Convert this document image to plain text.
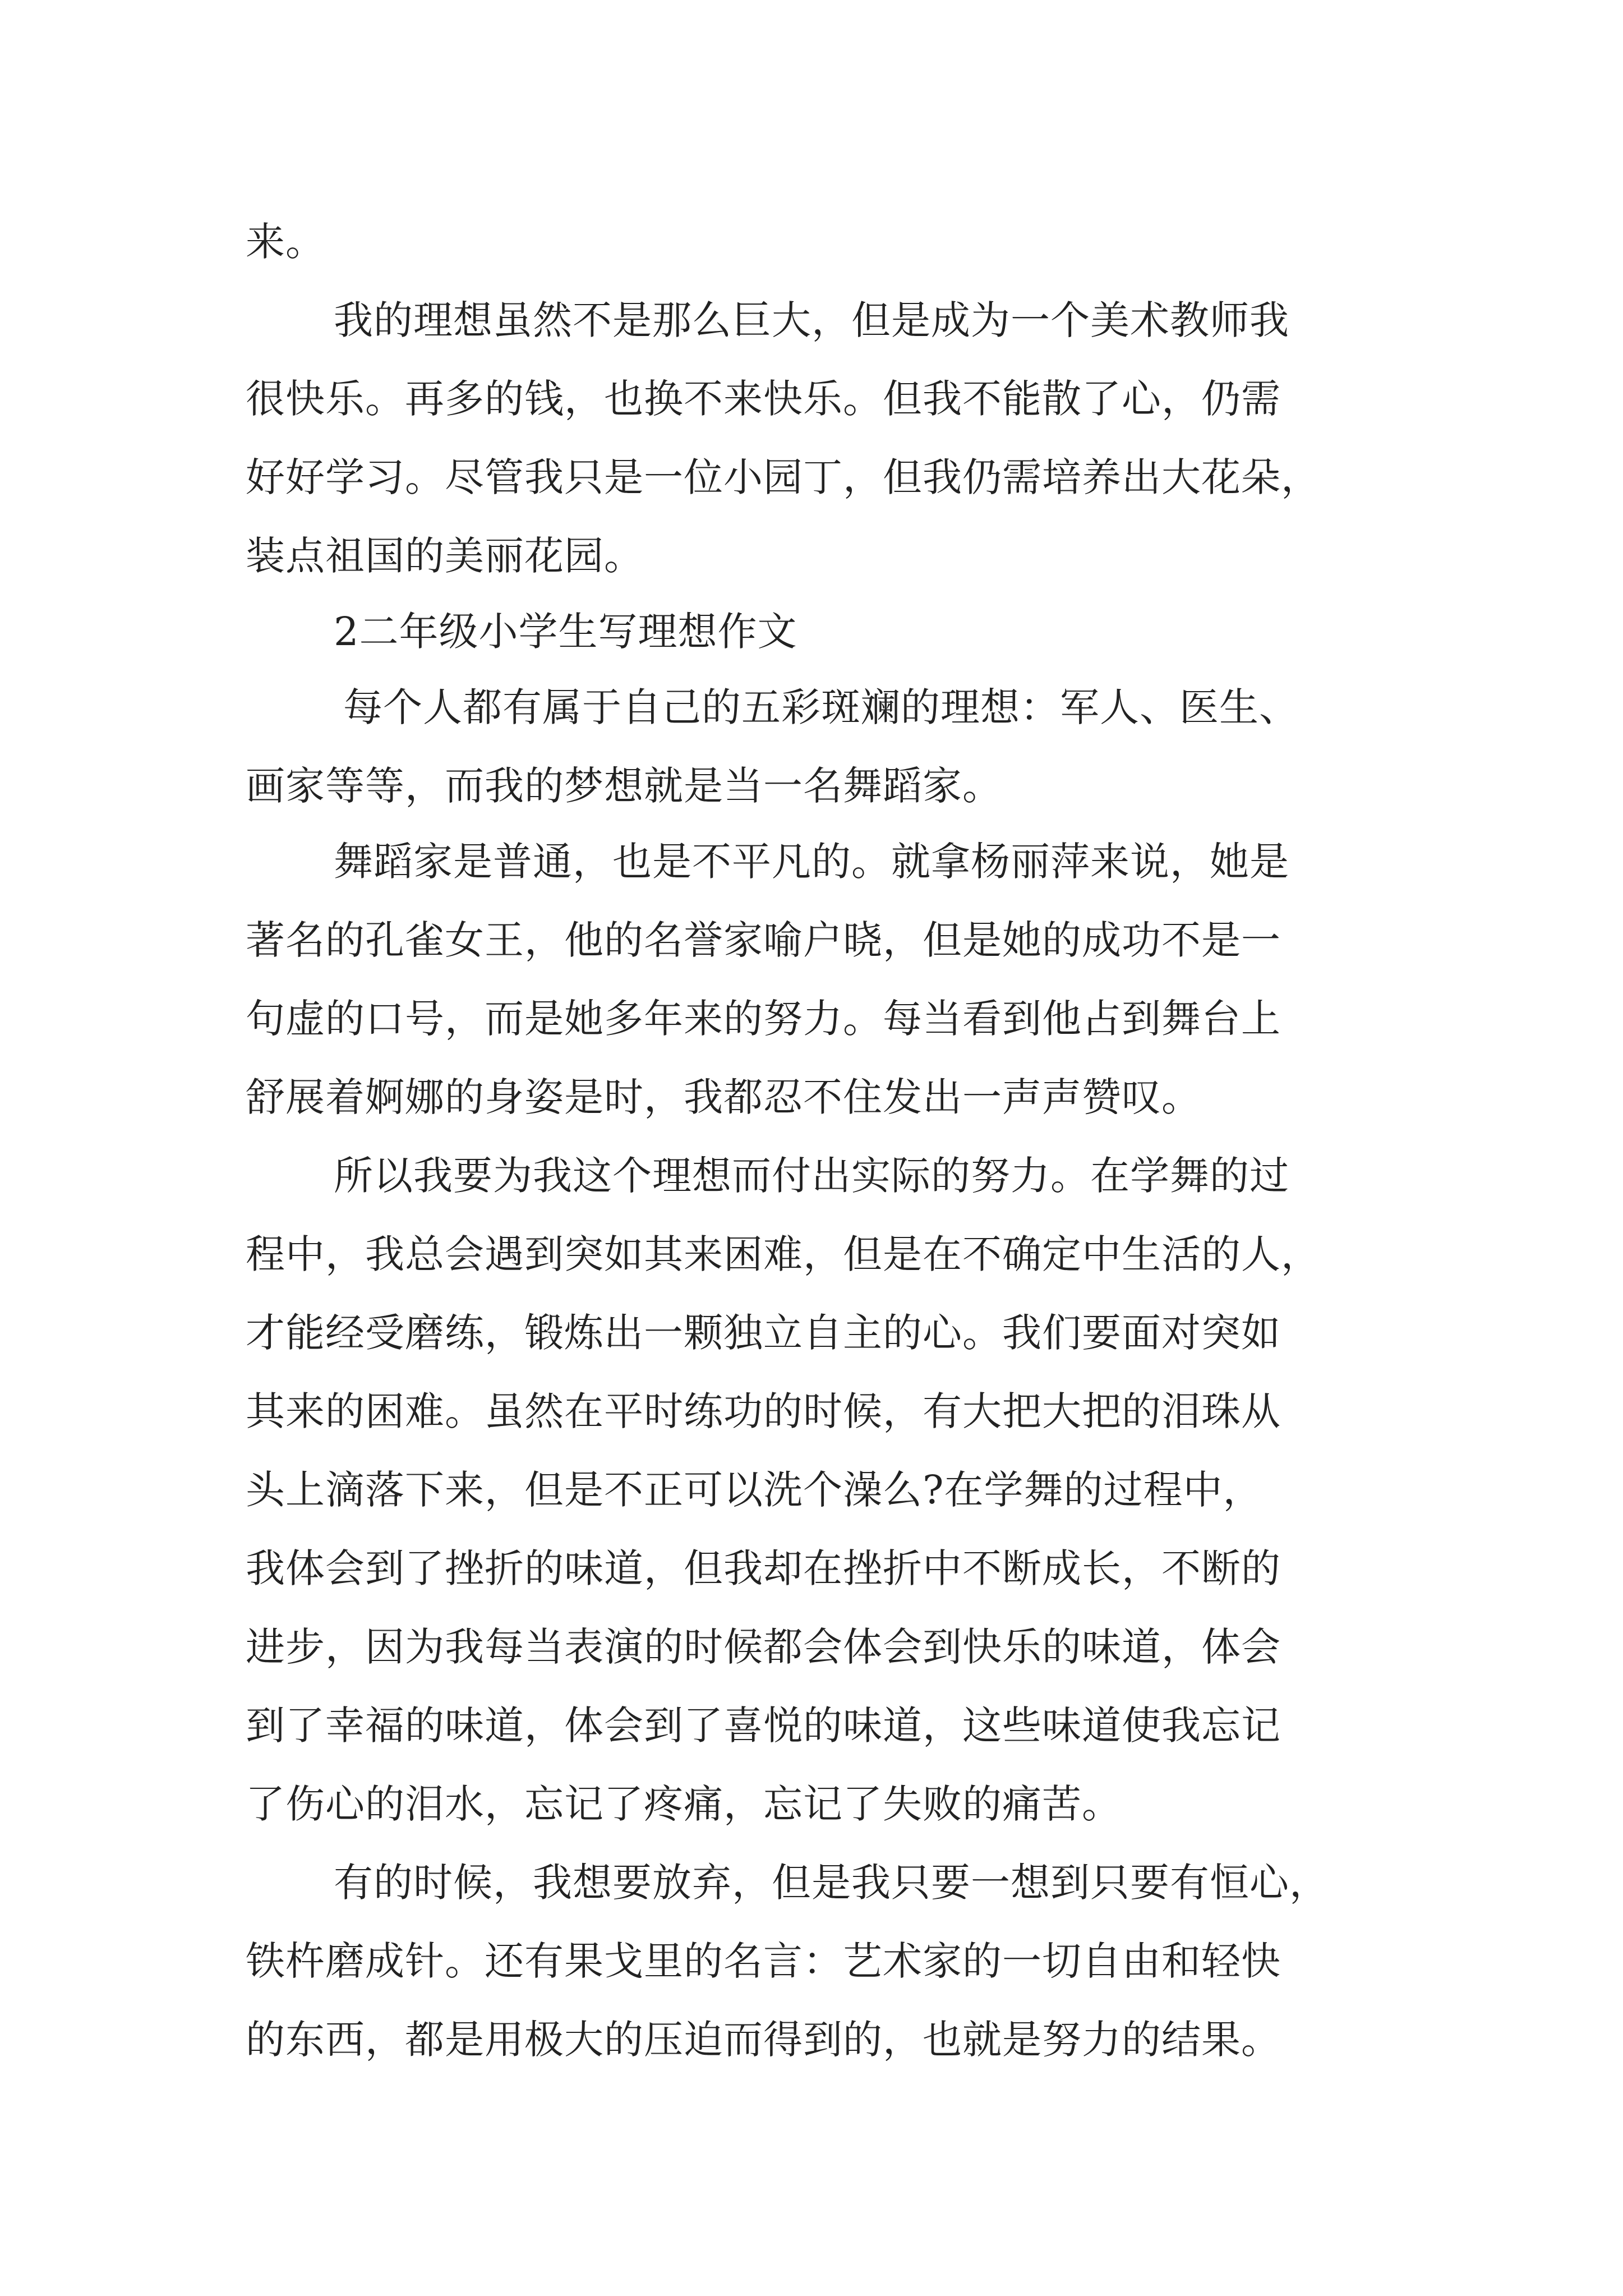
来。
我的理想虽然不是那么巨大，但是成为一个美术教师我
很快乐。再多的钱，也换不来快乐。但我不能散了心，仍需
好好学习。尽管我只是一位小园丁，但我仍需培养出大花朵，
装点祖国的美丽花园。
2二年级小学生写理想作文
每个人都有属于自己的五彩斑斓的理想：军人、医生、
画家等等，而我的梦想就是当一名舞蹈家。
舞蹈家是普通，也是不平凡的。就拿杨丽萍来说，她是
著名的孔雀女王，他的名誉家喻户晓，但是她的成功不是一
句虚的口号，而是她多年来的努力。每当看到他占到舞台上
舒展着婀娜的身姿是时，我都忍不住发出一声声赞叹。
所以我要为我这个理想而付出实际的努力。在学舞的过
程中，我总会遇到突如其来困难，但是在不确定中生活的人，
才能经受磨练，锻炼出一颗独立自主的心。我们要面对突如
其来的困难。虽然在平时练功的时候，有大把大把的泪珠从
头上滴落下来，但是不正可以洗个澡么?在学舞的过程中，
我体会到了挫折的味道，但我却在挫折中不断成长，不断的
进步，因为我每当表演的时候都会体会到快乐的味道，体会
到了幸福的味道，体会到了喜悦的味道，这些味道使我忘记
了伤心的泪水，忘记了疼痛，忘记了失败的痛苦。
有的时候，我想要放弃，但是我只要一想到只要有恒心，
铁杵磨成针。还有果戈里的名言：艺术家的一切自由和轻快
的东西，都是用极大的压迫而得到的，也就是努力的结果。
